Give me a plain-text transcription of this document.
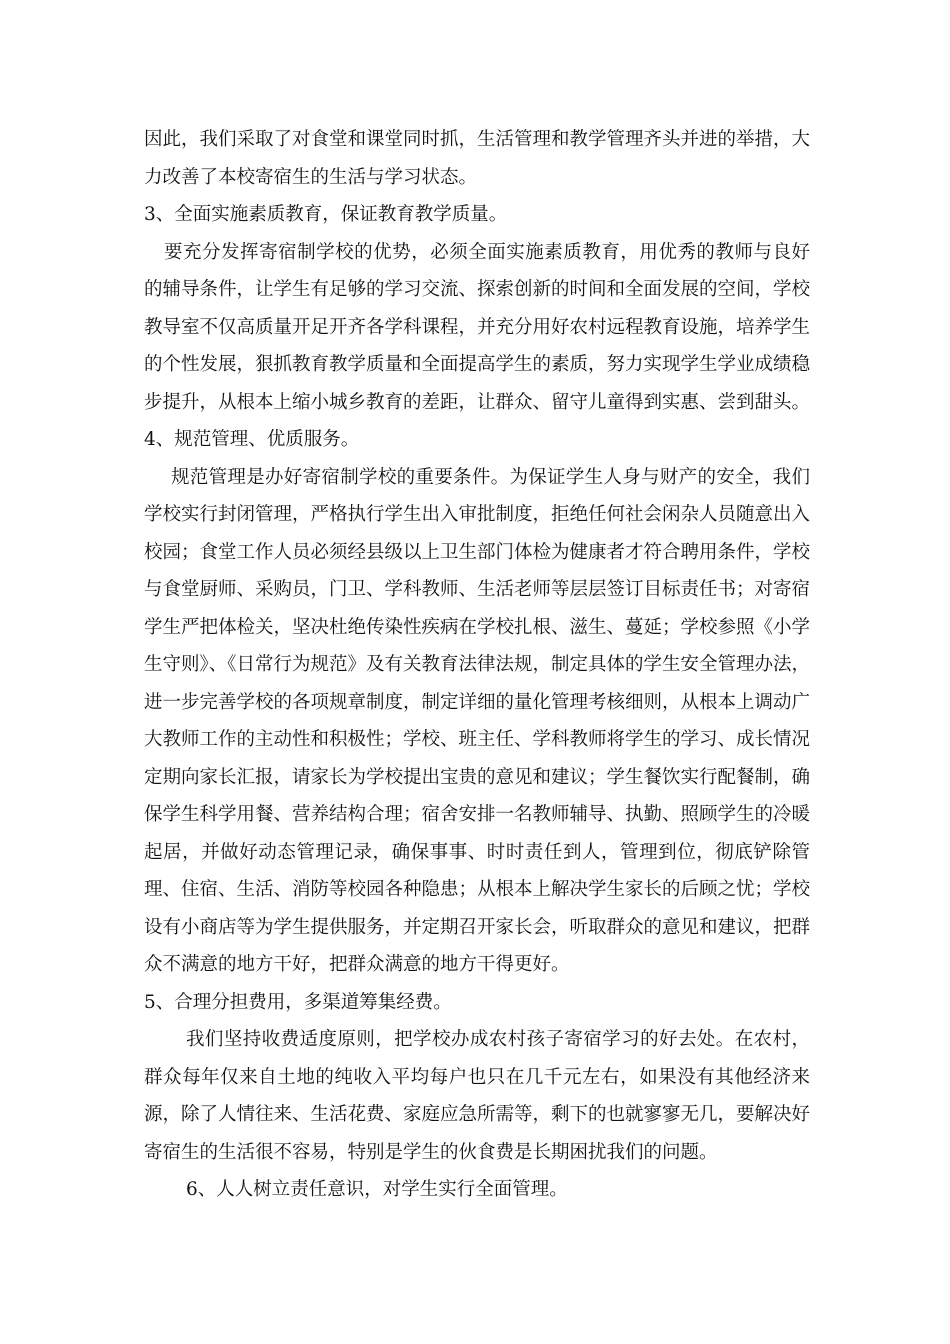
因此，我们采取了对食堂和课堂同时抓，生活管理和教学管理齐头并进的举措，大力改善了本校寄宿生的生活与学习状态。

3、全面实施素质教育，保证教育教学质量。

要充分发挥寄宿制学校的优势，必须全面实施素质教育，用优秀的教师与良好的辅导条件，让学生有足够的学习交流、探索创新的时间和全面发展的空间，学校教导室不仅高质量开足开齐各学科课程，并充分用好农村远程教育设施，培养学生的个性发展，狠抓教育教学质量和全面提高学生的素质，努力实现学生学业成绩稳步提升，从根本上缩小城乡教育的差距，让群众、留守儿童得到实惠、尝到甜头。

4、规范管理、优质服务。

规范管理是办好寄宿制学校的重要条件。为保证学生人身与财产的安全，我们学校实行封闭管理，严格执行学生出入审批制度，拒绝任何社会闲杂人员随意出入校园；食堂工作人员必须经县级以上卫生部门体检为健康者才符合聘用条件，学校与食堂厨师、采购员，门卫、学科教师、生活老师等层层签订目标责任书；对寄宿学生严把体检关，坚决杜绝传染性疾病在学校扎根、滋生、蔓延；学校参照《小学生守则》、《日常行为规范》及有关教育法律法规，制定具体的学生安全管理办法，进一步完善学校的各项规章制度，制定详细的量化管理考核细则，从根本上调动广大教师工作的主动性和积极性；学校、班主任、学科教师将学生的学习、成长情况定期向家长汇报，请家长为学校提出宝贵的意见和建议；学生餐饮实行配餐制，确保学生科学用餐、营养结构合理；宿舍安排一名教师辅导、执勤、照顾学生的冷暖起居，并做好动态管理记录，确保事事、时时责任到人，管理到位，彻底铲除管理、住宿、生活、消防等校园各种隐患；从根本上解决学生家长的后顾之忧；学校设有小商店等为学生提供服务，并定期召开家长会，听取群众的意见和建议，把群众不满意的地方干好，把群众满意的地方干得更好。

5、合理分担费用，多渠道筹集经费。

我们坚持收费适度原则，把学校办成农村孩子寄宿学习的好去处。在农村，群众每年仅来自土地的纯收入平均每户也只在几千元左右，如果没有其他经济来源，除了人情往来、生活花费、家庭应急所需等，剩下的也就寥寥无几，要解决好寄宿生的生活很不容易，特别是学生的伙食费是长期困扰我们的问题。

6、人人树立责任意识，对学生实行全面管理。
